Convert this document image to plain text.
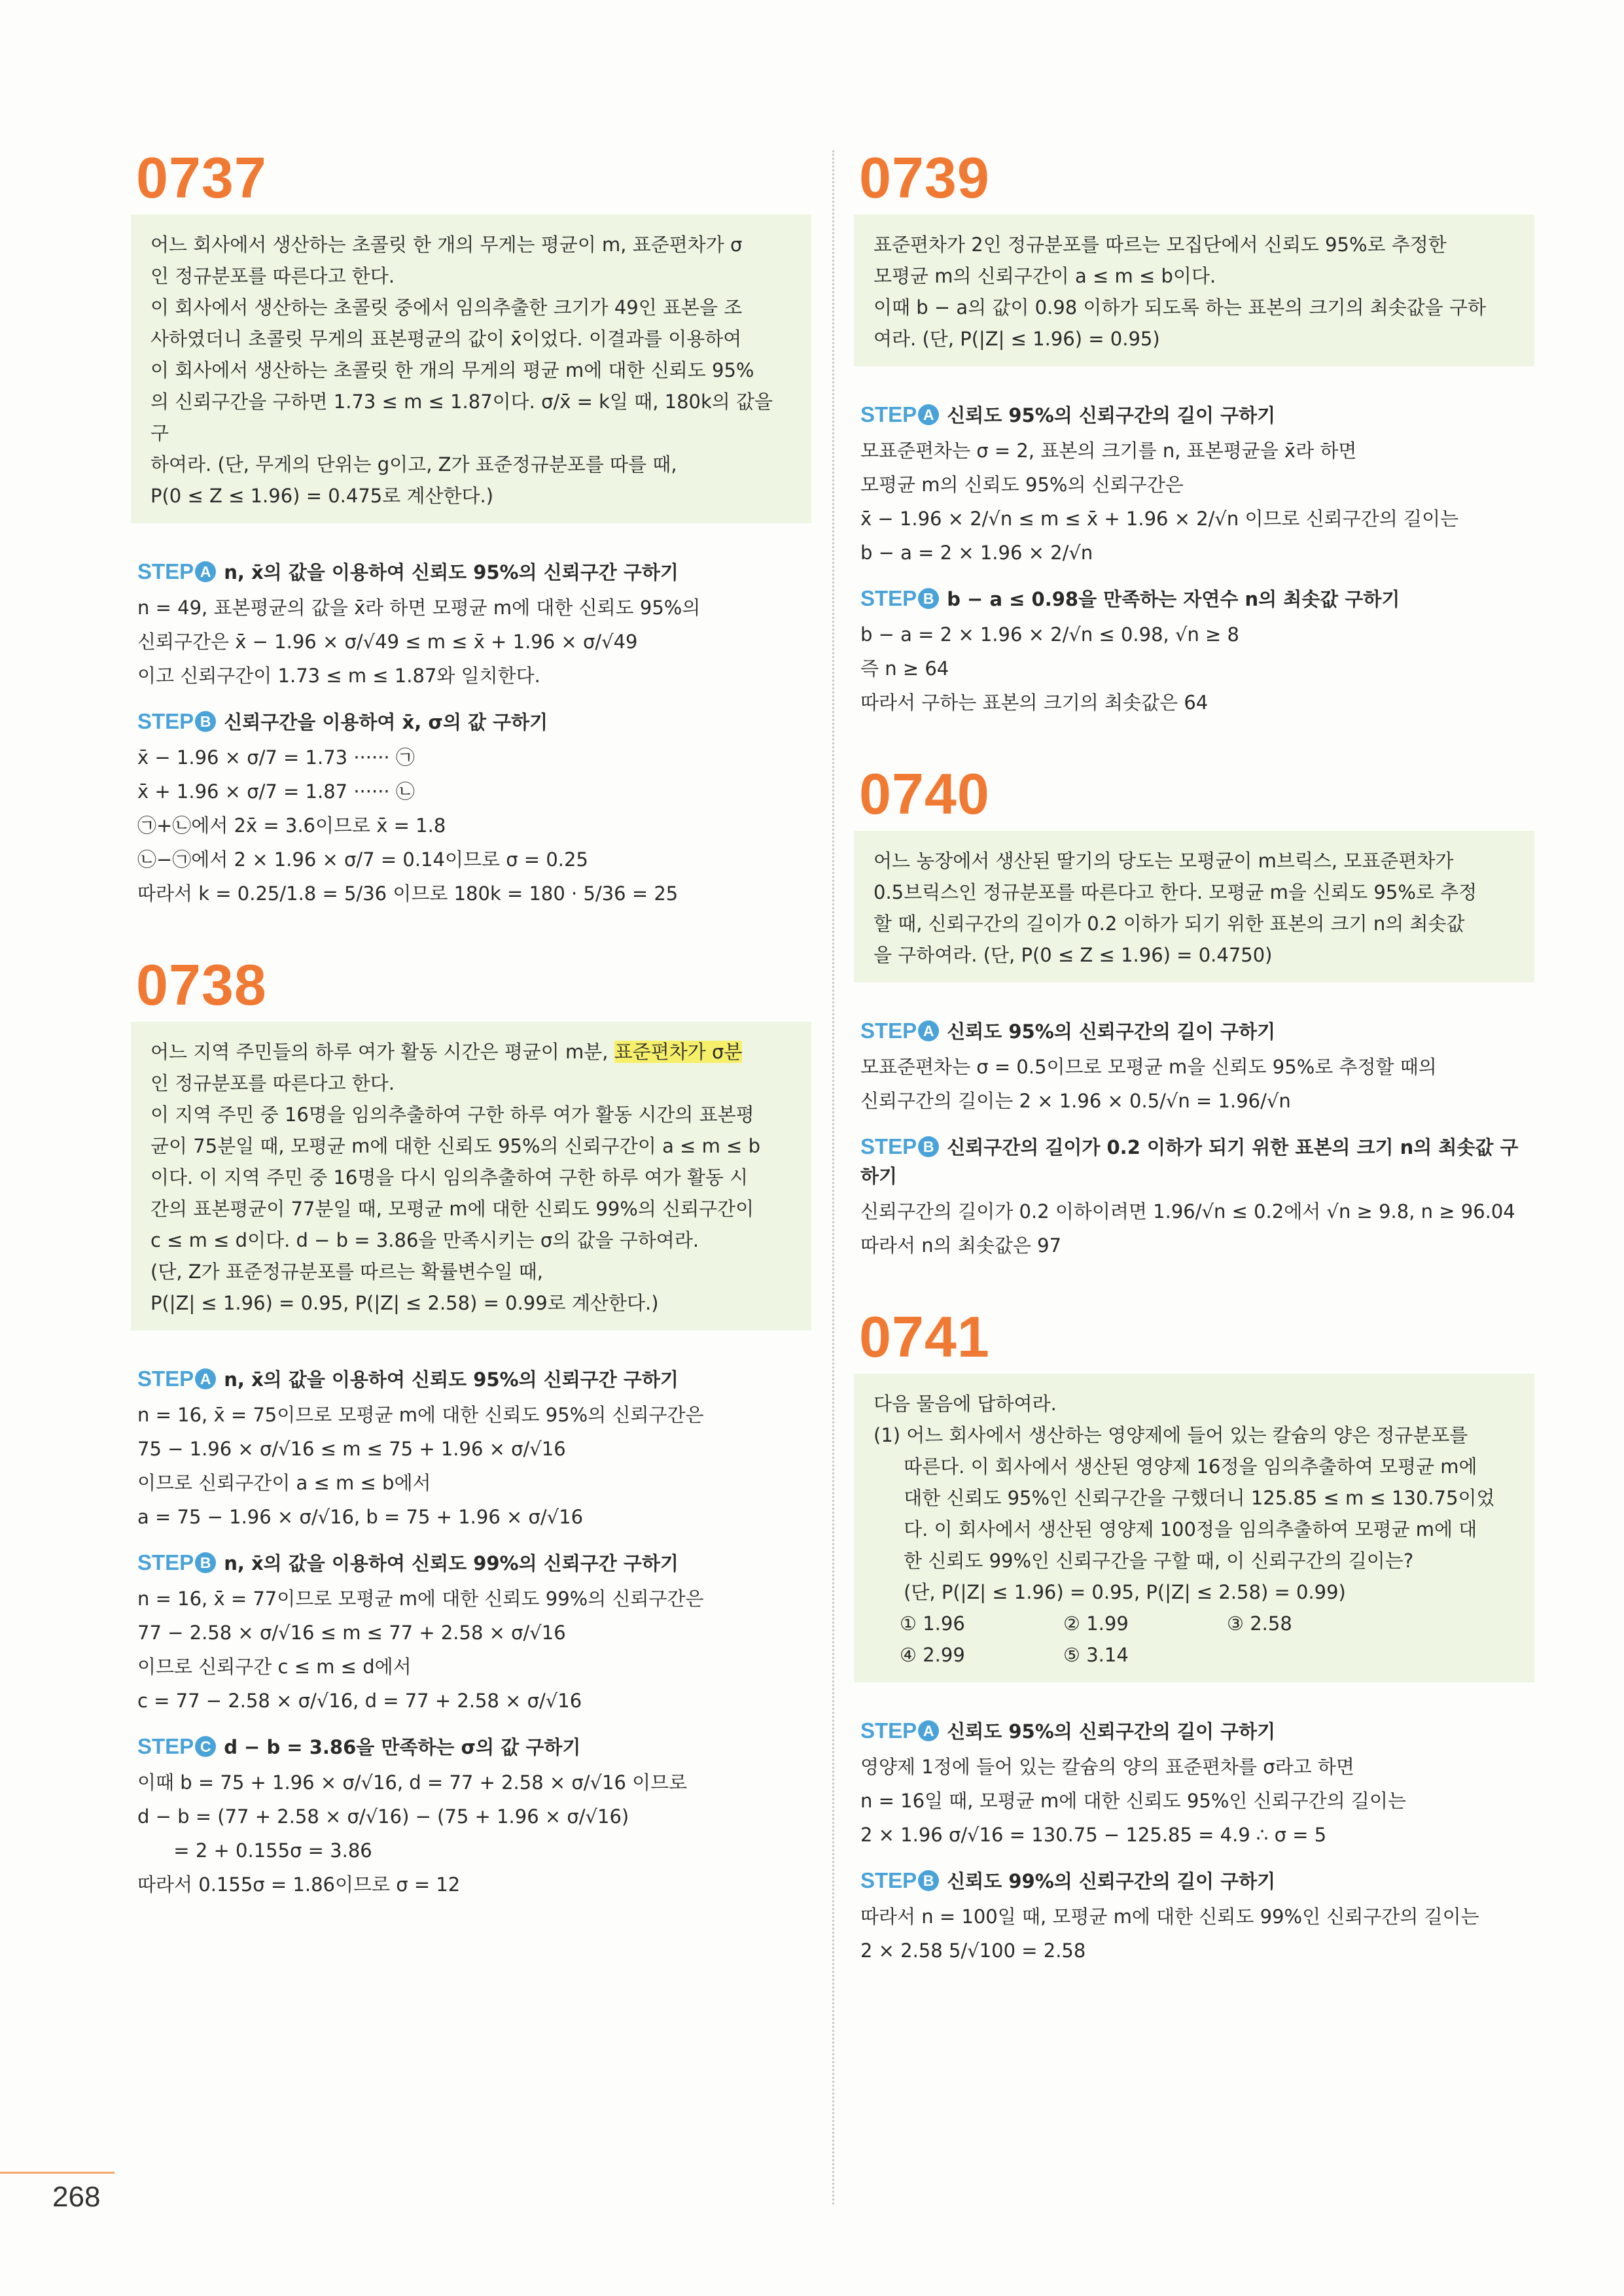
0737

어느 회사에서 생산하는 초콜릿 한 개의 무게는 평균이 m, 표준편차가 σ

인 정규분포를 따른다고 한다.

이 회사에서 생산하는 초콜릿 중에서 임의추출한 크기가 49인 표본을 조

사하였더니 초콜릿 무게의 표본평균의 값이 x̄이었다. 이결과를 이용하여

이 회사에서 생산하는 초콜릿 한 개의 무게의 평균 m에 대한 신뢰도 95%

의 신뢰구간을 구하면 1.73 ≤ m ≤ 1.87이다. σ/x̄ = k일 때, 180k의 값을 구

하여라. (단, 무게의 단위는 g이고, Z가 표준정규분포를 따를 때,

P(0 ≤ Z ≤ 1.96) = 0.475로 계산한다.)

STEP A n, x̄의 값을 이용하여 신뢰도 95%의 신뢰구간 구하기

n = 49, 표본평균의 값을 x̄라 하면 모평균 m에 대한 신뢰도 95%의

신뢰구간은 x̄ − 1.96 × σ/√49 ≤ m ≤ x̄ + 1.96 × σ/√49

이고 신뢰구간이 1.73 ≤ m ≤ 1.87와 일치한다.

STEP B 신뢰구간을 이용하여 x̄, σ의 값 구하기

x̄ − 1.96 × σ/7 = 1.73 ······ ㉠

x̄ + 1.96 × σ/7 = 1.87 ······ ㉡

㉠+㉡에서 2x̄ = 3.6이므로 x̄ = 1.8

㉡−㉠에서 2 × 1.96 × σ/7 = 0.14이므로 σ = 0.25

따라서 k = 0.25/1.8 = 5/36 이므로 180k = 180 · 5/36 = 25

0738

어느 지역 주민들의 하루 여가 활동 시간은 평균이 m분, 표준편차가 σ분

인 정규분포를 따른다고 한다.

이 지역 주민 중 16명을 임의추출하여 구한 하루 여가 활동 시간의 표본평

균이 75분일 때, 모평균 m에 대한 신뢰도 95%의 신뢰구간이 a ≤ m ≤ b

이다. 이 지역 주민 중 16명을 다시 임의추출하여 구한 하루 여가 활동 시

간의 표본평균이 77분일 때, 모평균 m에 대한 신뢰도 99%의 신뢰구간이

c ≤ m ≤ d이다. d − b = 3.86을 만족시키는 σ의 값을 구하여라.

(단, Z가 표준정규분포를 따르는 확률변수일 때,

P(|Z| ≤ 1.96) = 0.95, P(|Z| ≤ 2.58) = 0.99로 계산한다.)

STEP A n, x̄의 값을 이용하여 신뢰도 95%의 신뢰구간 구하기

n = 16, x̄ = 75이므로 모평균 m에 대한 신뢰도 95%의 신뢰구간은

75 − 1.96 × σ/√16 ≤ m ≤ 75 + 1.96 × σ/√16

이므로 신뢰구간이 a ≤ m ≤ b에서

a = 75 − 1.96 × σ/√16, b = 75 + 1.96 × σ/√16

STEP B n, x̄의 값을 이용하여 신뢰도 99%의 신뢰구간 구하기

n = 16, x̄ = 77이므로 모평균 m에 대한 신뢰도 99%의 신뢰구간은

77 − 2.58 × σ/√16 ≤ m ≤ 77 + 2.58 × σ/√16

이므로 신뢰구간 c ≤ m ≤ d에서

c = 77 − 2.58 × σ/√16, d = 77 + 2.58 × σ/√16

STEP C d − b = 3.86을 만족하는 σ의 값 구하기

이때 b = 75 + 1.96 × σ/√16, d = 77 + 2.58 × σ/√16 이므로

d − b = (77 + 2.58 × σ/√16) − (75 + 1.96 × σ/√16)

= 2 + 0.155σ = 3.86

따라서 0.155σ = 1.86이므로 σ = 12

0739

표준편차가 2인 정규분포를 따르는 모집단에서 신뢰도 95%로 추정한

모평균 m의 신뢰구간이 a ≤ m ≤ b이다.

이때 b − a의 값이 0.98 이하가 되도록 하는 표본의 크기의 최솟값을 구하

여라. (단, P(|Z| ≤ 1.96) = 0.95)

STEP A 신뢰도 95%의 신뢰구간의 길이 구하기

모표준편차는 σ = 2, 표본의 크기를 n, 표본평균을 x̄라 하면

모평균 m의 신뢰도 95%의 신뢰구간은

x̄ − 1.96 × 2/√n ≤ m ≤ x̄ + 1.96 × 2/√n 이므로 신뢰구간의 길이는

b − a = 2 × 1.96 × 2/√n

STEP B b − a ≤ 0.98을 만족하는 자연수 n의 최솟값 구하기

b − a = 2 × 1.96 × 2/√n ≤ 0.98, √n ≥ 8

즉 n ≥ 64

따라서 구하는 표본의 크기의 최솟값은 64

0740

어느 농장에서 생산된 딸기의 당도는 모평균이 m브릭스, 모표준편차가

0.5브릭스인 정규분포를 따른다고 한다. 모평균 m을 신뢰도 95%로 추정

할 때, 신뢰구간의 길이가 0.2 이하가 되기 위한 표본의 크기 n의 최솟값

을 구하여라. (단, P(0 ≤ Z ≤ 1.96) = 0.4750)

STEP A 신뢰도 95%의 신뢰구간의 길이 구하기

모표준편차는 σ = 0.5이므로 모평균 m을 신뢰도 95%로 추정할 때의

신뢰구간의 길이는 2 × 1.96 × 0.5/√n = 1.96/√n

STEP B 신뢰구간의 길이가 0.2 이하가 되기 위한 표본의 크기 n의 최솟값 구하기

신뢰구간의 길이가 0.2 이하이려면 1.96/√n ≤ 0.2에서 √n ≥ 9.8, n ≥ 96.04

따라서 n의 최솟값은 97

0741

다음 물음에 답하여라.

(1) 어느 회사에서 생산하는 영양제에 들어 있는 칼슘의 양은 정규분포를

따른다. 이 회사에서 생산된 영양제 16정을 임의추출하여 모평균 m에

대한 신뢰도 95%인 신뢰구간을 구했더니 125.85 ≤ m ≤ 130.75이었

다. 이 회사에서 생산된 영양제 100정을 임의추출하여 모평균 m에 대

한 신뢰도 99%인 신뢰구간을 구할 때, 이 신뢰구간의 길이는?

(단, P(|Z| ≤ 1.96) = 0.95, P(|Z| ≤ 2.58) = 0.99)

① 1.96	② 1.99	③ 2.58
④ 2.99	⑤ 3.14
STEP A 신뢰도 95%의 신뢰구간의 길이 구하기

영양제 1정에 들어 있는 칼슘의 양의 표준편차를 σ라고 하면

n = 16일 때, 모평균 m에 대한 신뢰도 95%인 신뢰구간의 길이는

2 × 1.96 σ/√16 = 130.75 − 125.85 = 4.9 ∴ σ = 5

STEP B 신뢰도 99%의 신뢰구간의 길이 구하기

따라서 n = 100일 때, 모평균 m에 대한 신뢰도 99%인 신뢰구간의 길이는

2 × 2.58 5/√100 = 2.58

268
